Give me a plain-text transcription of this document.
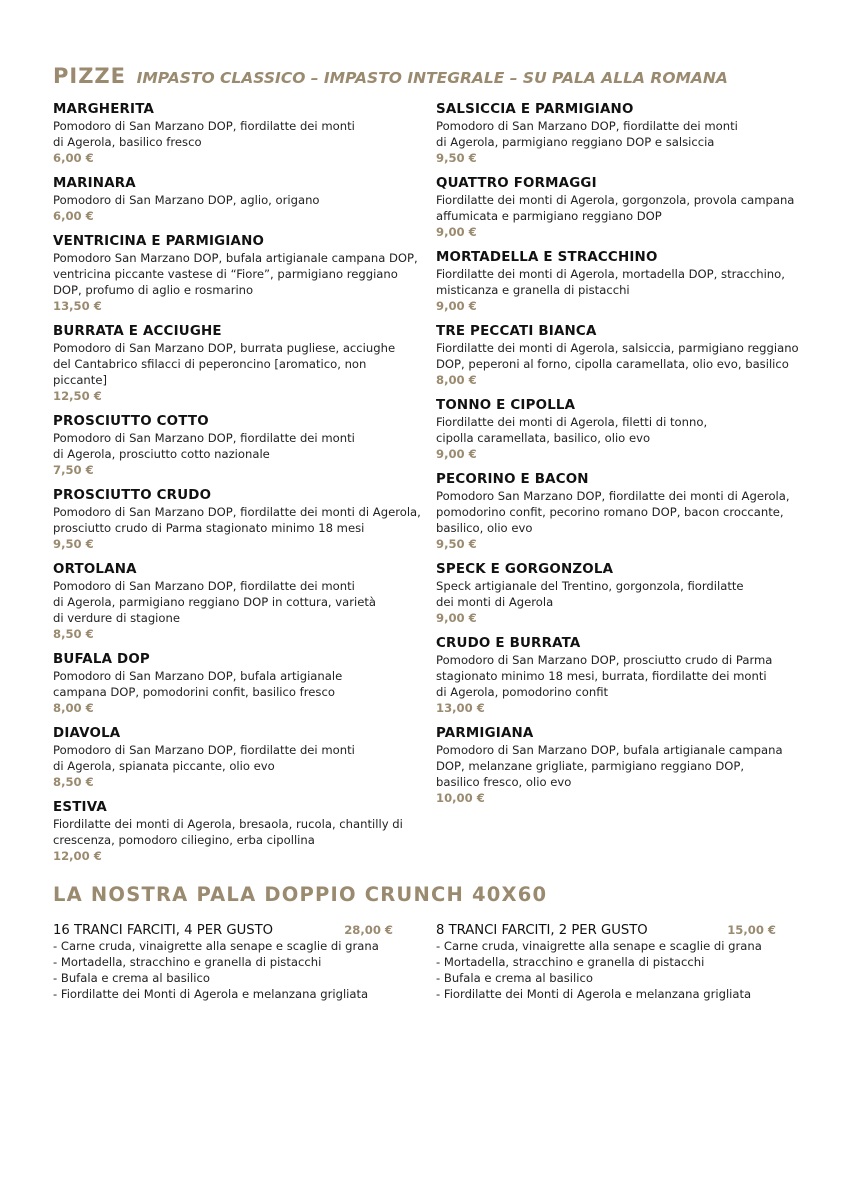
PIZZE IMPASTO CLASSICO – IMPASTO INTEGRALE – SU PALA ALLA ROMANA
MARGHERITA
Pomodoro di San Marzano DOP, fiordilatte dei monti
di Agerola, basilico fresco
6,00 €
MARINARA
Pomodoro di San Marzano DOP, aglio, origano
6,00 €
VENTRICINA E PARMIGIANO
Pomodoro San Marzano DOP, bufala artigianale campana DOP,
ventricina piccante vastese di “Fiore”, parmigiano reggiano
DOP, profumo di aglio e rosmarino
13,50 €
BURRATA E ACCIUGHE
Pomodoro di San Marzano DOP, burrata pugliese, acciughe
del Cantabrico sfilacci di peperoncino [aromatico, non piccante]
12,50 €
PROSCIUTTO COTTO
Pomodoro di San Marzano DOP, fiordilatte dei monti
di Agerola, prosciutto cotto nazionale
7,50 €
PROSCIUTTO CRUDO
Pomodoro di San Marzano DOP, fiordilatte dei monti di Agerola,
prosciutto crudo di Parma stagionato minimo 18 mesi
9,50 €
ORTOLANA
Pomodoro di San Marzano DOP, fiordilatte dei monti
di Agerola, parmigiano reggiano DOP in cottura, varietà
di verdure di stagione
8,50 €
BUFALA DOP
Pomodoro di San Marzano DOP, bufala artigianale
campana DOP, pomodorini confit, basilico fresco
8,00 €
DIAVOLA
Pomodoro di San Marzano DOP, fiordilatte dei monti
di Agerola, spianata piccante, olio evo
8,50 €
ESTIVA
Fiordilatte dei monti di Agerola, bresaola, rucola, chantilly di
crescenza, pomodoro ciliegino, erba cipollina
12,00 €
SALSICCIA E PARMIGIANO
Pomodoro di San Marzano DOP, fiordilatte dei monti
di Agerola, parmigiano reggiano DOP e salsiccia
9,50 €
QUATTRO FORMAGGI
Fiordilatte dei monti di Agerola, gorgonzola, provola campana
affumicata e parmigiano reggiano DOP
9,00 €
MORTADELLA E STRACCHINO
Fiordilatte dei monti di Agerola, mortadella DOP, stracchino,
misticanza e granella di pistacchi
9,00 €
TRE PECCATI BIANCA
Fiordilatte dei monti di Agerola, salsiccia, parmigiano reggiano
DOP, peperoni al forno, cipolla caramellata, olio evo, basilico
8,00 €
TONNO E CIPOLLA
Fiordilatte dei monti di Agerola, filetti di tonno,
cipolla caramellata, basilico, olio evo
9,00 €
PECORINO E BACON
Pomodoro San Marzano DOP, fiordilatte dei monti di Agerola,
pomodorino confit, pecorino romano DOP, bacon croccante,
basilico, olio evo
9,50 €
SPECK E GORGONZOLA
Speck artigianale del Trentino, gorgonzola, fiordilatte
dei monti di Agerola
9,00 €
CRUDO E BURRATA
Pomodoro di San Marzano DOP, prosciutto crudo di Parma
stagionato minimo 18 mesi, burrata, fiordilatte dei monti
di Agerola, pomodorino confit
13,00 €
PARMIGIANA
Pomodoro di San Marzano DOP, bufala artigianale campana
DOP, melanzane grigliate, parmigiano reggiano DOP,
basilico fresco, olio evo
10,00 €
LA NOSTRA PALA DOPPIO CRUNCH 40X60
16 TRANCI FARCITI, 4 PER GUSTO	28,00 €
- Carne cruda, vinaigrette alla senape e scaglie di grana
- Mortadella, stracchino e granella di pistacchi
- Bufala e crema al basilico
- Fiordilatte dei Monti di Agerola e melanzana grigliata
8 TRANCI FARCITI, 2 PER GUSTO	15,00 €
- Carne cruda, vinaigrette alla senape e scaglie di grana
- Mortadella, stracchino e granella di pistacchi
- Bufala e crema al basilico
- Fiordilatte dei Monti di Agerola e melanzana grigliata
